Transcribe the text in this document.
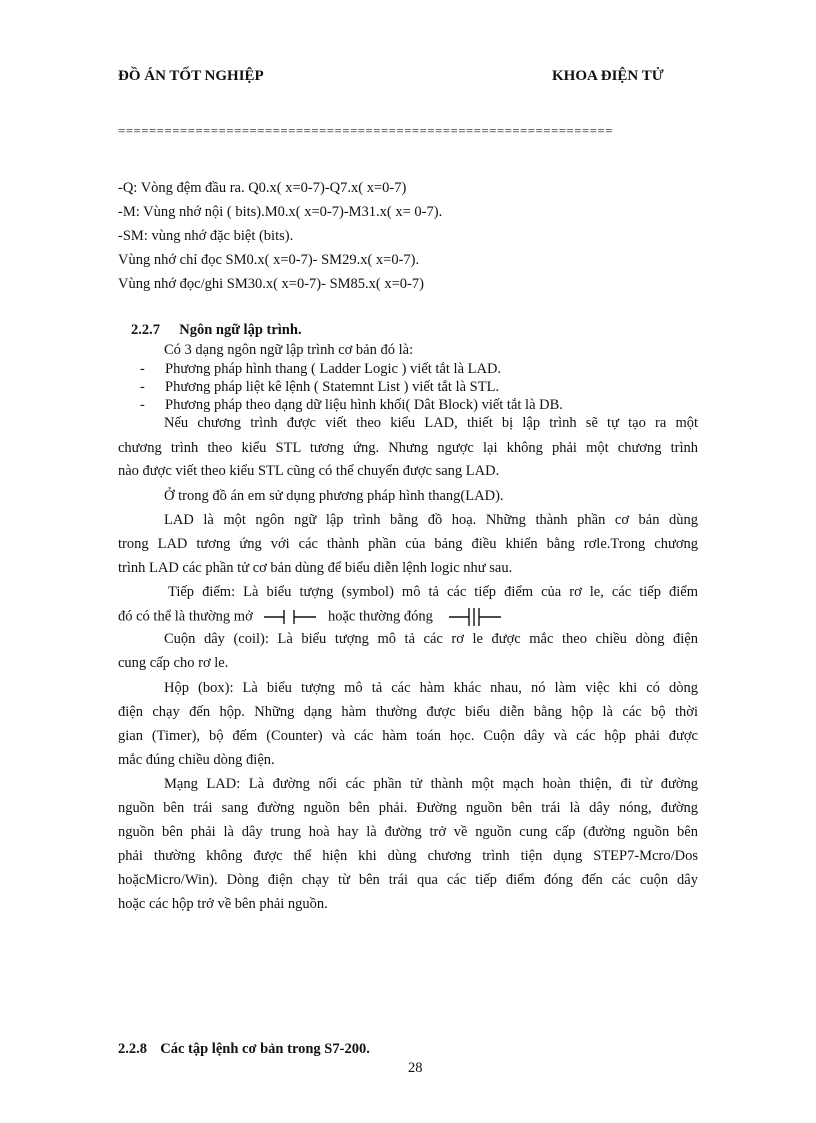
ĐỒ ÁN TỐT NGHIỆP	KHOA ĐIỆN TỬ
================================================================
-Q: Vòng đệm đầu ra. Q0.x( x=0-7)-Q7.x( x=0-7)
-M: Vùng nhớ nội ( bits).M0.x( x=0-7)-M31.x( x= 0-7).
-SM: vùng nhớ đặc biệt (bits).
Vùng nhớ chỉ đọc SM0.x( x=0-7)- SM29.x( x=0-7).
Vùng nhớ đọc/ghi SM30.x( x=0-7)- SM85.x( x=0-7)
2.2.7 Ngôn ngữ lập trình.
Có 3 dạng ngôn ngữ lập trình cơ bản đó là:
- Phương pháp hình thang ( Ladder Logic ) viết tắt là LAD.
- Phương pháp liệt kê lệnh ( Statemnt List ) viết tắt là STL.
- Phương pháp theo dạng dữ liệu hình khối( Dât Block) viết tắt là DB.
Nếu chương trình được viết theo kiểu LAD, thiết bị lập trình sẽ tự tạo ra một
chương trình theo kiểu STL tương ứng. Nhưng ngược lại không phải một chương trình
nào được viết theo kiểu STL cũng có thể chuyển được sang LAD.
Ở trong đồ án em sử dụng phương pháp hình thang(LAD).
LAD là một ngôn ngữ lập trình bằng đồ hoạ. Những thành phần cơ bản dùng
trong LAD tương ứng với các thành phần của bảng điều khiển bằng rơle.Trong chương
trình LAD các phần tử cơ bản dùng để biểu diễn lệnh logic như sau.
Tiếp điểm: Là biểu tượng (symbol) mô tả các tiếp điểm của rơ le, các tiếp điểm
đó có thể là thường mở	hoặc thường đóng
Cuộn dây (coil): Là biểu tượng mô tả các rơ le được mắc theo chiều dòng điện
cung cấp cho rơ le.
Hộp (box): Là biểu tượng mô tả các hàm khác nhau, nó làm việc khi có dòng
điện chạy đến hộp. Những dạng hàm thường được biểu diễn bằng hộp là các bộ thời
gian (Timer), bộ đếm (Counter) và các hàm toán học. Cuộn dây và các hộp phải được
mắc đúng chiều dòng điện.
Mạng LAD: Là đường nối các phần tử thành một mạch hoàn thiện, đi từ đường
nguồn bên trái sang đường nguồn bên phải. Đường nguồn bên trái là dây nóng, đường
nguồn bên phải là dây trung hoà hay là đường trở về nguồn cung cấp (đường nguồn bên
phải thường không được thể hiện khi dùng chương trình tiện dụng STEP7-Mcro/Dos
hoặcMicro/Win). Dòng điện chạy từ bên trái qua các tiếp điểm đóng đến các cuộn dây
hoặc các hộp trở về bên phải nguồn.
2.2.8 Các tập lệnh cơ bản trong S7-200.
28
